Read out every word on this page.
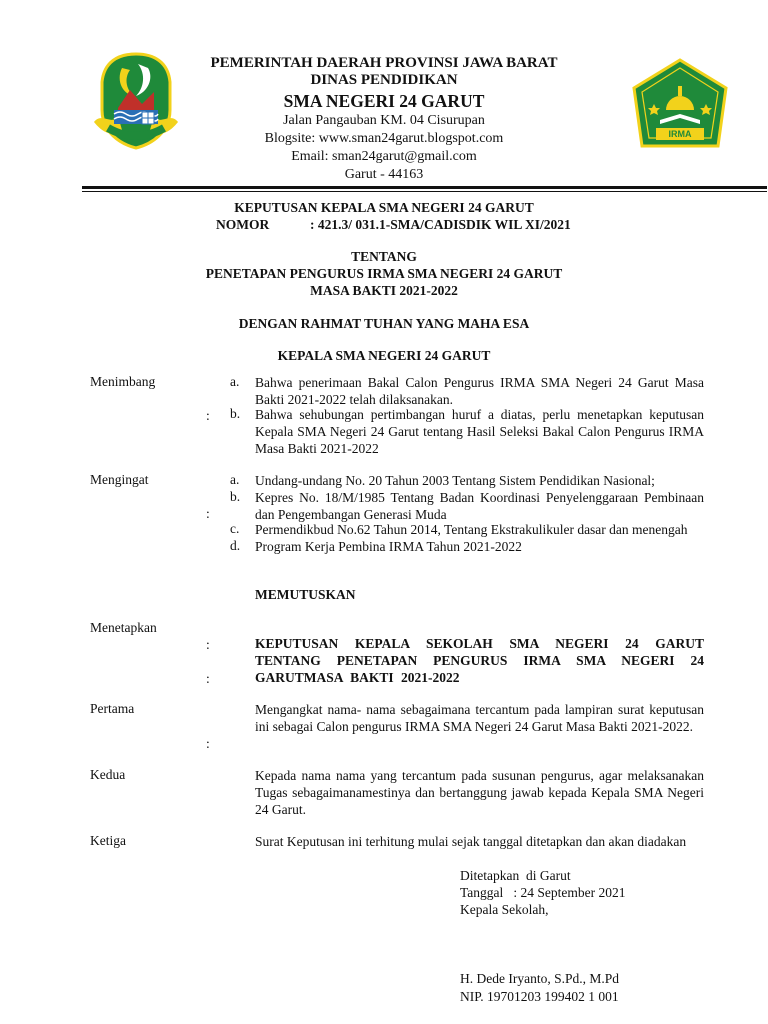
IRMA
PEMERINTAH DAERAH PROVINSI JAWA BARAT
DINAS PENDIDIKAN
SMA NEGERI 24 GARUT
Jalan Pangauban KM. 04 Cisurupan
Blogsite: www.sman24garut.blogspot.com
Email: sman24garut@gmail.com
Garut - 44163
KEPUTUSAN KEPALA SMA NEGERI 24 GARUT
NOMOR	: 421.3/ 031.1-SMA/CADISDIK WIL XI/2021
TENTANG
PENETAPAN PENGURUS IRMA SMA NEGERI 24 GARUT
MASA BAKTI 2021-2022
DENGAN RAHMAT TUHAN YANG MAHA ESA
KEPALA SMA NEGERI 24 GARUT
Menimbang
:
a. Bahwa penerimaan Bakal Calon Pengurus IRMA SMA Negeri 24 Garut Masa Bakti 2021-2022 telah dilaksanakan.
b. Bahwa sehubungan pertimbangan huruf a diatas, perlu menetapkan keputusan Kepala SMA Negeri 24 Garut tentang Hasil Seleksi Bakal Calon Pengurus IRMA Masa Bakti 2021-2022
Mengingat
:
a. Undang-undang No. 20 Tahun 2003 Tentang Sistem Pendidikan Nasional;
b. Kepres No. 18/M/1985 Tentang Badan Koordinasi Penyelenggaraan Pembinaan dan Pengembangan Generasi Muda
c. Permendikbud No.62 Tahun 2014, Tentang Ekstrakulikuler dasar dan menengah
d. Program Kerja Pembina IRMA Tahun 2021-2022
MEMUTUSKAN
Menetapkan
:
:
KEPUTUSAN KEPALA SEKOLAH SMA NEGERI 24 GARUT TENTANG PENETAPAN PENGURUS IRMA SMA NEGERI 24 GARUTMASA BAKTI 2021-2022
Pertama
:
Mengangkat nama- nama sebagaimana tercantum pada lampiran surat keputusan ini sebagai Calon pengurus IRMA SMA Negeri 24 Garut Masa Bakti 2021-2022.
Kedua	Kepada nama nama yang tercantum pada susunan pengurus, agar melaksanakan Tugas sebagaimanamestinya dan bertanggung jawab kepada Kepala SMA Negeri 24 Garut.
Ketiga	Surat Keputusan ini terhitung mulai sejak tanggal ditetapkan dan akan diadakan
Ditetapkan  di Garut
Tanggal   : 24 September 2021
Kepala Sekolah,
H. Dede Iryanto, S.Pd., M.Pd
NIP. 19701203 199402 1 001
